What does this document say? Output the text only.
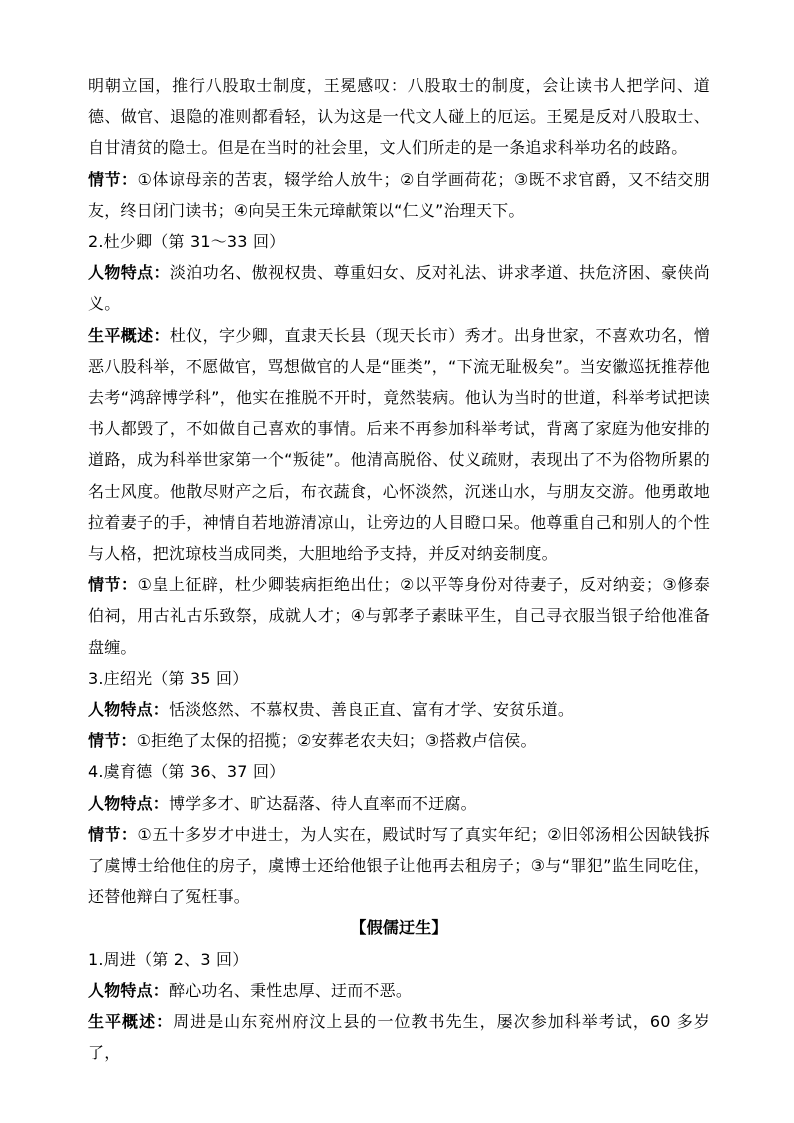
明朝立国，推行八股取士制度，王冕感叹：八股取士的制度，会让读书人把学问、道德、做官、退隐的准则都看轻，认为这是一代文人碰上的厄运。王冕是反对八股取士、自甘清贫的隐士。但是在当时的社会里，文人们所走的是一条追求科举功名的歧路。

情节：①体谅母亲的苦衷，辍学给人放牛；②自学画荷花；③既不求官爵，又不结交朋友，终日闭门读书；④向吴王朱元璋献策以“仁义”治理天下。

2.杜少卿（第 31～33 回）

人物特点：淡泊功名、傲视权贵、尊重妇女、反对礼法、讲求孝道、扶危济困、豪侠尚义。

生平概述：杜仪，字少卿，直隶天长县（现天长市）秀才。出身世家，不喜欢功名，憎恶八股科举，不愿做官，骂想做官的人是“匪类”，“下流无耻极矣”。当安徽巡抚推荐他去考“鸿辞博学科”，他实在推脱不开时，竟然装病。他认为当时的世道，科举考试把读书人都毁了，不如做自己喜欢的事情。后来不再参加科举考试，背离了家庭为他安排的道路，成为科举世家第一个“叛徒”。他清高脱俗、仗义疏财，表现出了不为俗物所累的名士风度。他散尽财产之后，布衣蔬食，心怀淡然，沉迷山水，与朋友交游。他勇敢地拉着妻子的手，神情自若地游清凉山，让旁边的人目瞪口呆。他尊重自己和别人的个性与人格，把沈琼枝当成同类，大胆地给予支持，并反对纳妾制度。

情节：①皇上征辟，杜少卿装病拒绝出仕；②以平等身份对待妻子，反对纳妾；③修泰伯祠，用古礼古乐致祭，成就人才；④与郭孝子素昧平生，自己寻衣服当银子给他准备盘缠。

3.庄绍光（第 35 回）

人物特点：恬淡悠然、不慕权贵、善良正直、富有才学、安贫乐道。

情节：①拒绝了太保的招揽；②安葬老农夫妇；③搭救卢信侯。

4.虞育德（第 36、37 回）

人物特点：博学多才、旷达磊落、待人直率而不迂腐。

情节：①五十多岁才中进士，为人实在，殿试时写了真实年纪；②旧邻汤相公因缺钱拆了虞博士给他住的房子，虞博士还给他银子让他再去租房子；③与“罪犯”监生同吃住，还替他辩白了冤枉事。

【假儒迂生】

1.周进（第 2、3 回）

人物特点：醉心功名、秉性忠厚、迂而不恶。

生平概述：周进是山东兖州府汶上县的一位教书先生，屡次参加科举考试，60 多岁了，
